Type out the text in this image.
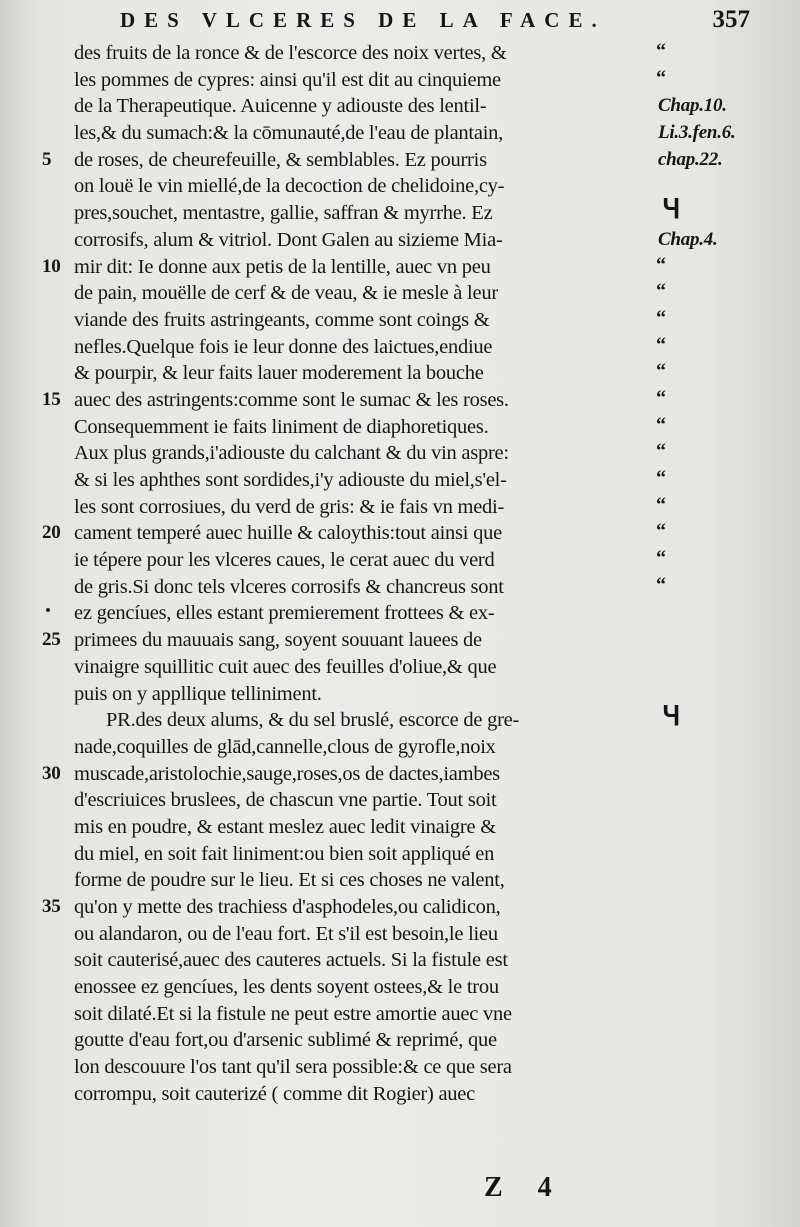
DES VLCERES DE LA FACE.	357
des fruits de la ronce & de l'escorce des noix vertes, &	“
les pommes de cypres: ainsi qu'il est dit au cinquieme	“
de la Therapeutique. Auicenne y adiouste des lentil-	Chap.10.
les,& du sumach:& la cōmunauté,de l'eau de plantain,	Li.3.fen.6.
5 de roses, de cheurefeuille, & semblables. Ez pourris	chap.22.
on louë le vin miellé,de la decoction de chelidoine,cy-
pres,souchet, mentastre, gallie, saffran & myrrhe. Ez	Ɥ
corrosifs, alum & vitriol. Dont Galen au sizieme Mia-	Chap.4.
10 mir dit: Ie donne aux petis de la lentille, auec vn peu	“
de pain, mouëlle de cerf & de veau, & ie mesle à leur	“
viande des fruits astringeants, comme sont coings &	“
nefles.Quelque fois ie leur donne des laictues,endiue	“
& pourpir, & leur faits lauer moderement la bouche	“
15 auec des astringents:comme sont le sumac & les roses.	“
Consequemment ie faits liniment de diaphoretiques.	“
Aux plus grands,i'adiouste du calchant & du vin aspre:	“
& si les aphthes sont sordides,i'y adiouste du miel,s'el-	“
les sont corrosiues, du verd de gris: & ie fais vn medi-	“
20 cament temperé auec huille & caloythis:tout ainsi que	“
ie tépere pour les vlceres caues, le cerat auec du verd	“
de gris.Si donc tels vlceres corrosifs & chancreus sont	“
ez gencíues, elles estant premierement frottees & ex-
25 primees du mauuais sang, soyent souuant lauees de
vinaigre squillitic cuit auec des feuilles d'oliue,& que
puis on y appllique telliniment.
PR.des deux alums, & du sel bruslé, escorce de gre-	Ɥ
nade,coquilles de glād,cannelle,clous de gyrofle,noix
30 muscade,aristolochie,sauge,roses,os de dactes,iambes
d'escriuices bruslees, de chascun vne partie. Tout soit
mis en poudre, & estant meslez auec ledit vinaigre &
du miel, en soit fait liniment:ou bien soit appliqué en
forme de poudre sur le lieu. Et si ces choses ne valent,
35 qu'on y mette des trachiess d'asphodeles,ou calidicon,
ou alandaron, ou de l'eau fort. Et s'il est besoin,le lieu
soit cauterisé,auec des cauteres actuels. Si la fistule est
enossee ez gencíues, les dents soyent ostees,& le trou
soit dilaté.Et si la fistule ne peut estre amortie auec vne
goutte d'eau fort,ou d'arsenic sublimé & reprimé, que
lon descouure l'os tant qu'il sera possible:& ce que sera
corrompu, soit cauterizé ( comme dit Rogier) auec
Z 4
